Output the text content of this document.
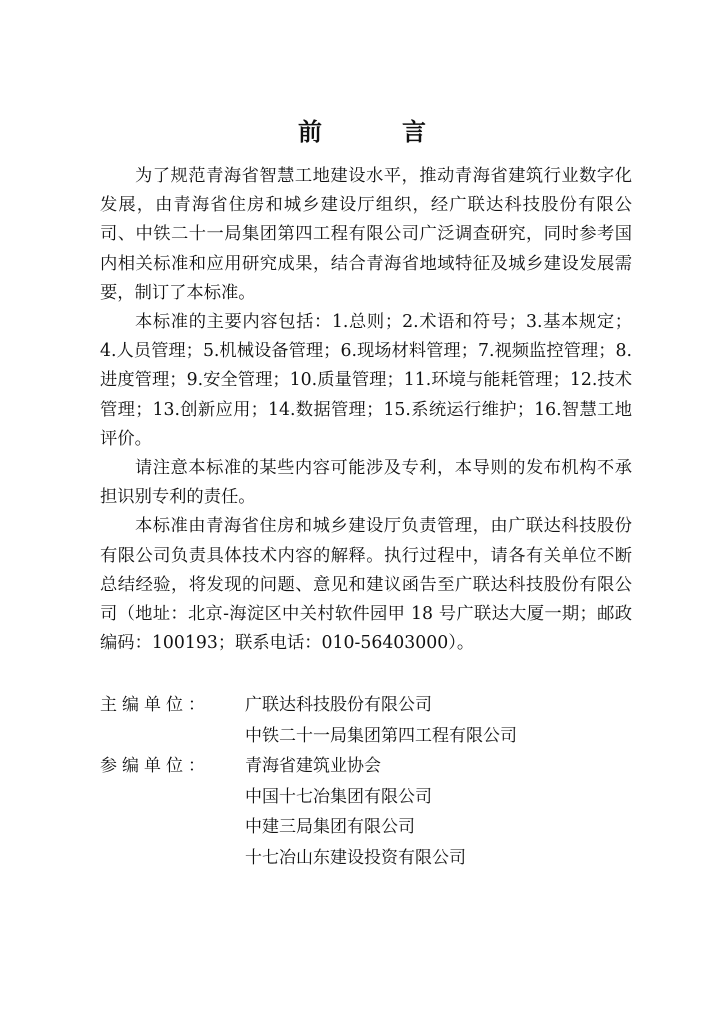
前　言

为了规范青海省智慧工地建设水平，推动青海省建筑行业数字化发展，由青海省住房和城乡建设厅组织，经广联达科技股份有限公司、中铁二十一局集团第四工程有限公司广泛调查研究，同时参考国内相关标准和应用研究成果，结合青海省地域特征及城乡建设发展需要，制订了本标准。

本标准的主要内容包括：1.总则；2.术语和符号；3.基本规定；4.人员管理；5.机械设备管理；6.现场材料管理；7.视频监控管理；8.进度管理；9.安全管理；10.质量管理；11.环境与能耗管理；12.技术管理；13.创新应用；14.数据管理；15.系统运行维护；16.智慧工地评价。

请注意本标准的某些内容可能涉及专利，本导则的发布机构不承担识别专利的责任。

本标准由青海省住房和城乡建设厅负责管理，由广联达科技股份有限公司负责具体技术内容的解释。执行过程中，请各有关单位不断总结经验，将发现的问题、意见和建议函告至广联达科技股份有限公司（地址：北京-海淀区中关村软件园甲 18 号广联达大厦一期；邮政编码：100193；联系电话：010-56403000）。

主编单位：	广联达科技股份有限公司
中铁二十一局集团第四工程有限公司
参编单位：	青海省建筑业协会
中国十七冶集团有限公司
中建三局集团有限公司
十七冶山东建设投资有限公司
